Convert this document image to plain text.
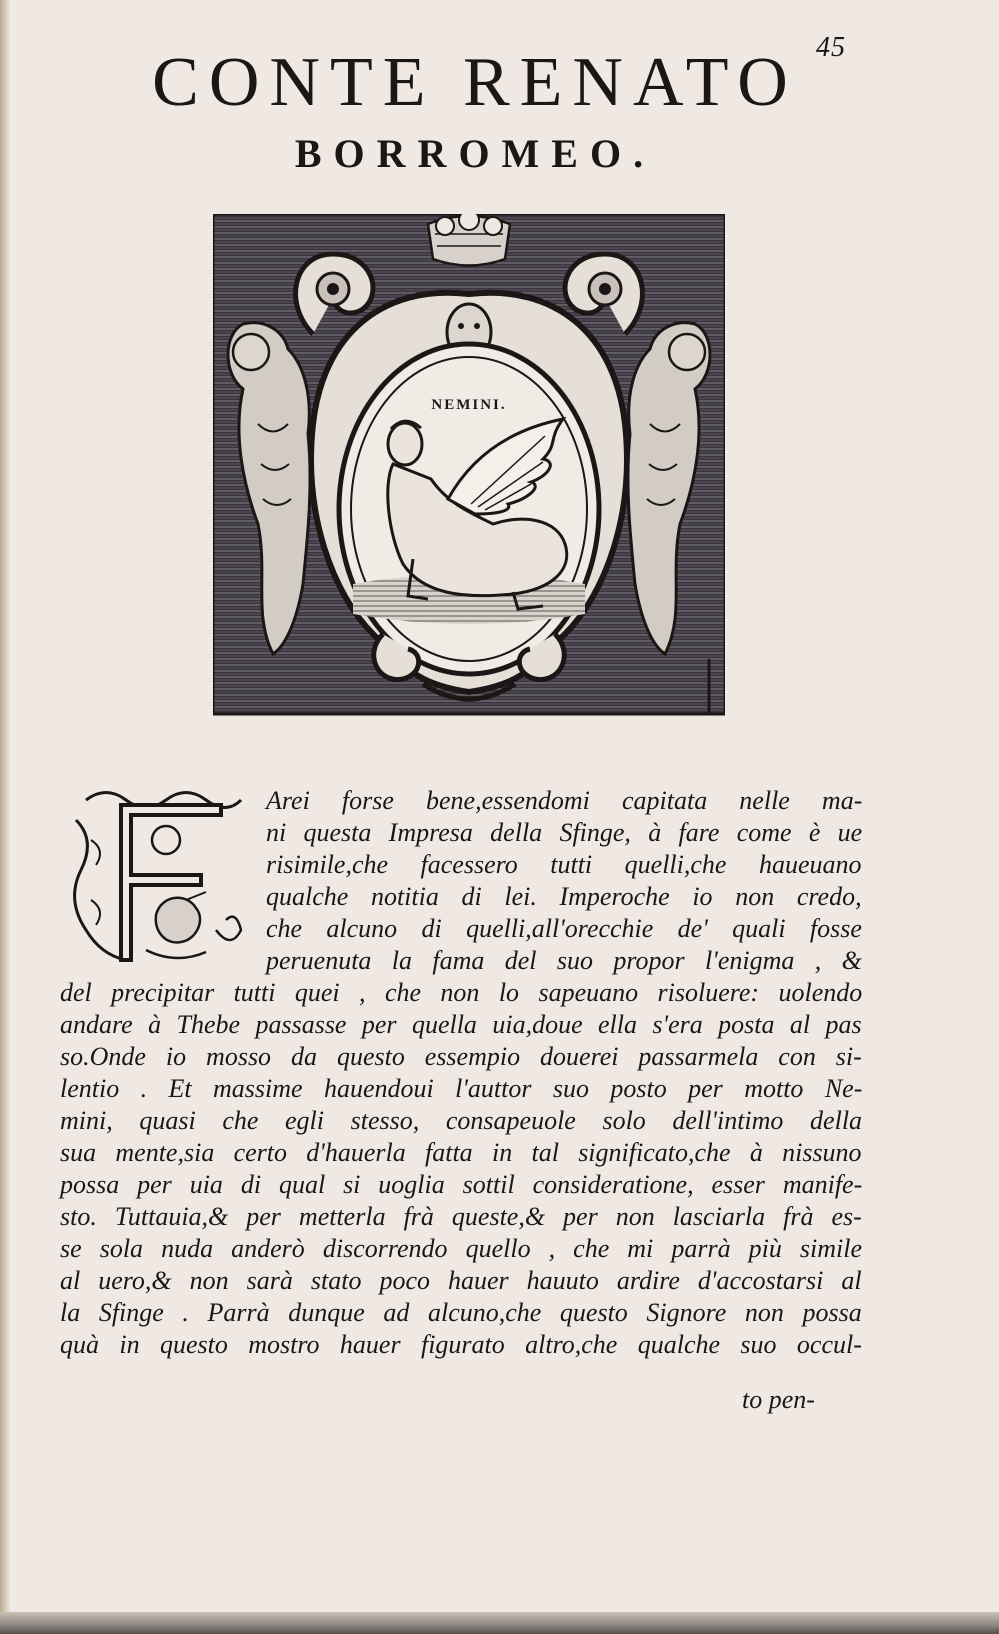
45
CONTE RENATO
BORROMEO.
NEMINI.
Arei forse bene,essendomi capitata nelle ma-
ni questa Impresa della Sfinge, à fare come è ue
risimile,che facessero tutti quelli,che haueuano
qualche notitia di lei. Imperoche io non credo,
che alcuno di quelli,all'orecchie de' quali fosse
peruenuta la fama del suo propor l'enigma , &
del precipitar tutti quei , che non lo sapeuano risoluere: uolendo
andare à Thebe passasse per quella uia,doue ella s'era posta al pas
so.Onde io mosso da questo essempio douerei passarmela con si-
lentio . Et massime hauendoui l'auttor suo posto per motto Ne-
mini, quasi che egli stesso, consapeuole solo dell'intimo della
sua mente,sia certo d'hauerla fatta in tal significato,che à nissuno
possa per uia di qual si uoglia sottil consideratione, esser manife-
sto. Tuttauia,& per metterla frà queste,& per non lasciarla frà es-
se sola nuda anderò discorrendo quello , che mi parrà più simile
al uero,& non sarà stato poco hauer hauuto ardire d'accostarsi al
la Sfinge . Parrà dunque ad alcuno,che questo Signore non possa
quà in questo mostro hauer figurato altro,che qualche suo occul-
to pen-
